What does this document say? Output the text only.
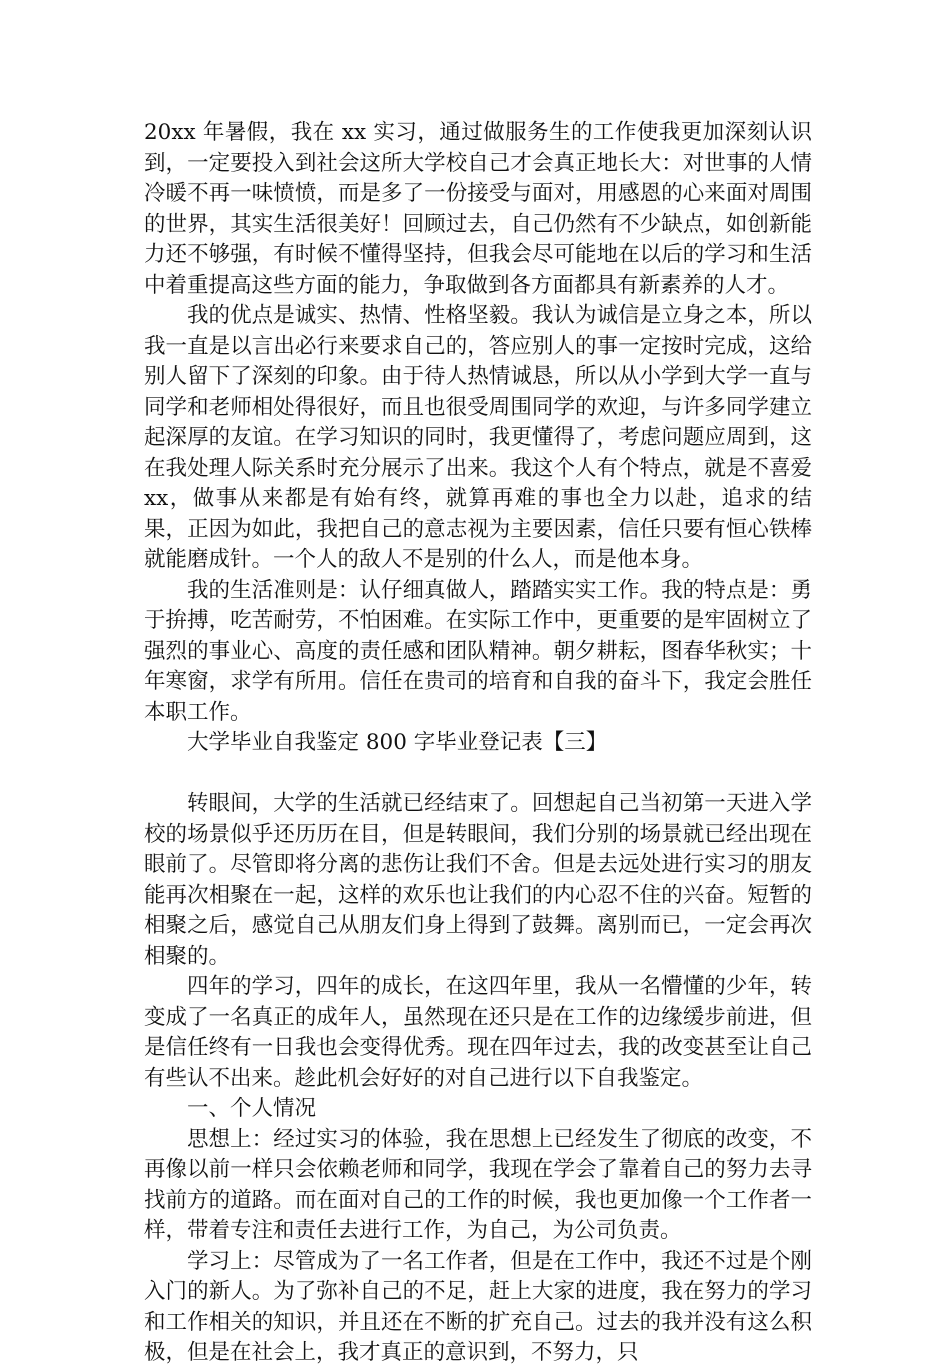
20xx 年暑假，我在 xx 实习，通过做服务生的工作使我更加深刻认识到，一定要投入到社会这所大学校自己才会真正地长大：对世事的人情冷暖不再一味愤愤，而是多了一份接受与面对，用感恩的心来面对周围的世界，其实生活很美好！回顾过去，自己仍然有不少缺点，如创新能力还不够强，有时候不懂得坚持，但我会尽可能地在以后的学习和生活中着重提高这些方面的能力，争取做到各方面都具有新素养的人才。

我的优点是诚实、热情、性格坚毅。我认为诚信是立身之本，所以我一直是以言出必行来要求自己的，答应别人的事一定按时完成，这给别人留下了深刻的印象。由于待人热情诚恳，所以从小学到大学一直与同学和老师相处得很好，而且也很受周围同学的欢迎，与许多同学建立起深厚的友谊。在学习知识的同时，我更懂得了，考虑问题应周到，这在我处理人际关系时充分展示了出来。我这个人有个特点，就是不喜爱 xx，做事从来都是有始有终，就算再难的事也全力以赴，追求的结果，正因为如此，我把自己的意志视为主要因素，信任只要有恒心铁棒就能磨成针。一个人的敌人不是别的什么人，而是他本身。

我的生活准则是：认仔细真做人，踏踏实实工作。我的特点是：勇于拚搏，吃苦耐劳，不怕困难。在实际工作中，更重要的是牢固树立了强烈的事业心、高度的责任感和团队精神。朝夕耕耘，图春华秋实；十年寒窗，求学有所用。信任在贵司的培育和自我的奋斗下，我定会胜任本职工作。

大学毕业自我鉴定 800 字毕业登记表【三】

转眼间，大学的生活就已经结束了。回想起自己当初第一天进入学校的场景似乎还历历在目，但是转眼间，我们分别的场景就已经出现在眼前了。尽管即将分离的悲伤让我们不舍。但是去远处进行实习的朋友能再次相聚在一起，这样的欢乐也让我们的内心忍不住的兴奋。短暂的相聚之后，感觉自己从朋友们身上得到了鼓舞。离别而已，一定会再次相聚的。

四年的学习，四年的成长，在这四年里，我从一名懵懂的少年，转变成了一名真正的成年人，虽然现在还只是在工作的边缘缓步前进，但是信任终有一日我也会变得优秀。现在四年过去，我的改变甚至让自己有些认不出来。趁此机会好好的对自己进行以下自我鉴定。

一、个人情况

思想上：经过实习的体验，我在思想上已经发生了彻底的改变，不再像以前一样只会依赖老师和同学，我现在学会了靠着自己的努力去寻找前方的道路。而在面对自己的工作的时候，我也更加像一个工作者一样，带着专注和责任去进行工作，为自己，为公司负责。

学习上：尽管成为了一名工作者，但是在工作中，我还不过是个刚入门的新人。为了弥补自己的不足，赶上大家的进度，我在努力的学习和工作相关的知识，并且还在不断的扩充自己。过去的我并没有这么积极，但是在社会上，我才真正的意识到，不努力，只
